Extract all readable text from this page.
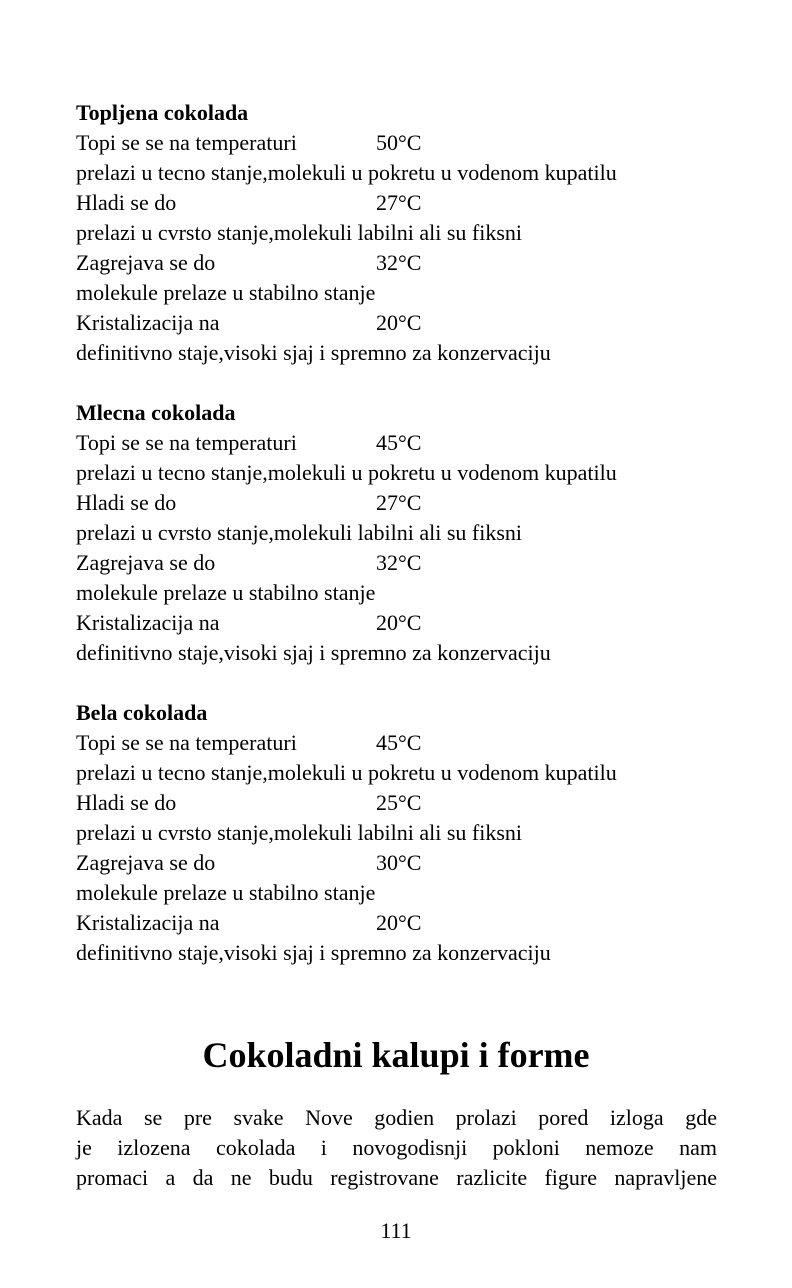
Topljena cokolada
Topi se se na temperaturi	50°C
prelazi u tecno stanje,molekuli u pokretu u vodenom kupatilu
Hladi se do	27°C
prelazi u cvrsto stanje,molekuli labilni ali su fiksni
Zagrejava se do	32°C
molekule prelaze u stabilno stanje
Kristalizacija na	20°C
definitivno staje,visoki sjaj i spremno za konzervaciju
Mlecna cokolada
Topi se se na temperaturi	45°C
prelazi u tecno stanje,molekuli u pokretu u vodenom kupatilu
Hladi se do	27°C
prelazi u cvrsto stanje,molekuli labilni ali su fiksni
Zagrejava se do	32°C
molekule prelaze u stabilno stanje
Kristalizacija na	20°C
definitivno staje,visoki sjaj i spremno za konzervaciju
Bela cokolada
Topi se se na temperaturi	45°C
prelazi u tecno stanje,molekuli u pokretu u vodenom kupatilu
Hladi se do	25°C
prelazi u cvrsto stanje,molekuli labilni ali su fiksni
Zagrejava se do	30°C
molekule prelaze u stabilno stanje
Kristalizacija na	20°C
definitivno staje,visoki sjaj i spremno za konzervaciju
Cokoladni kalupi i forme
Kada se pre svake Nove godien prolazi pored izloga gde
je izlozena cokolada i novogodisnji pokloni nemoze nam
promaci a da ne budu registrovane razlicite figure napravljene
111
